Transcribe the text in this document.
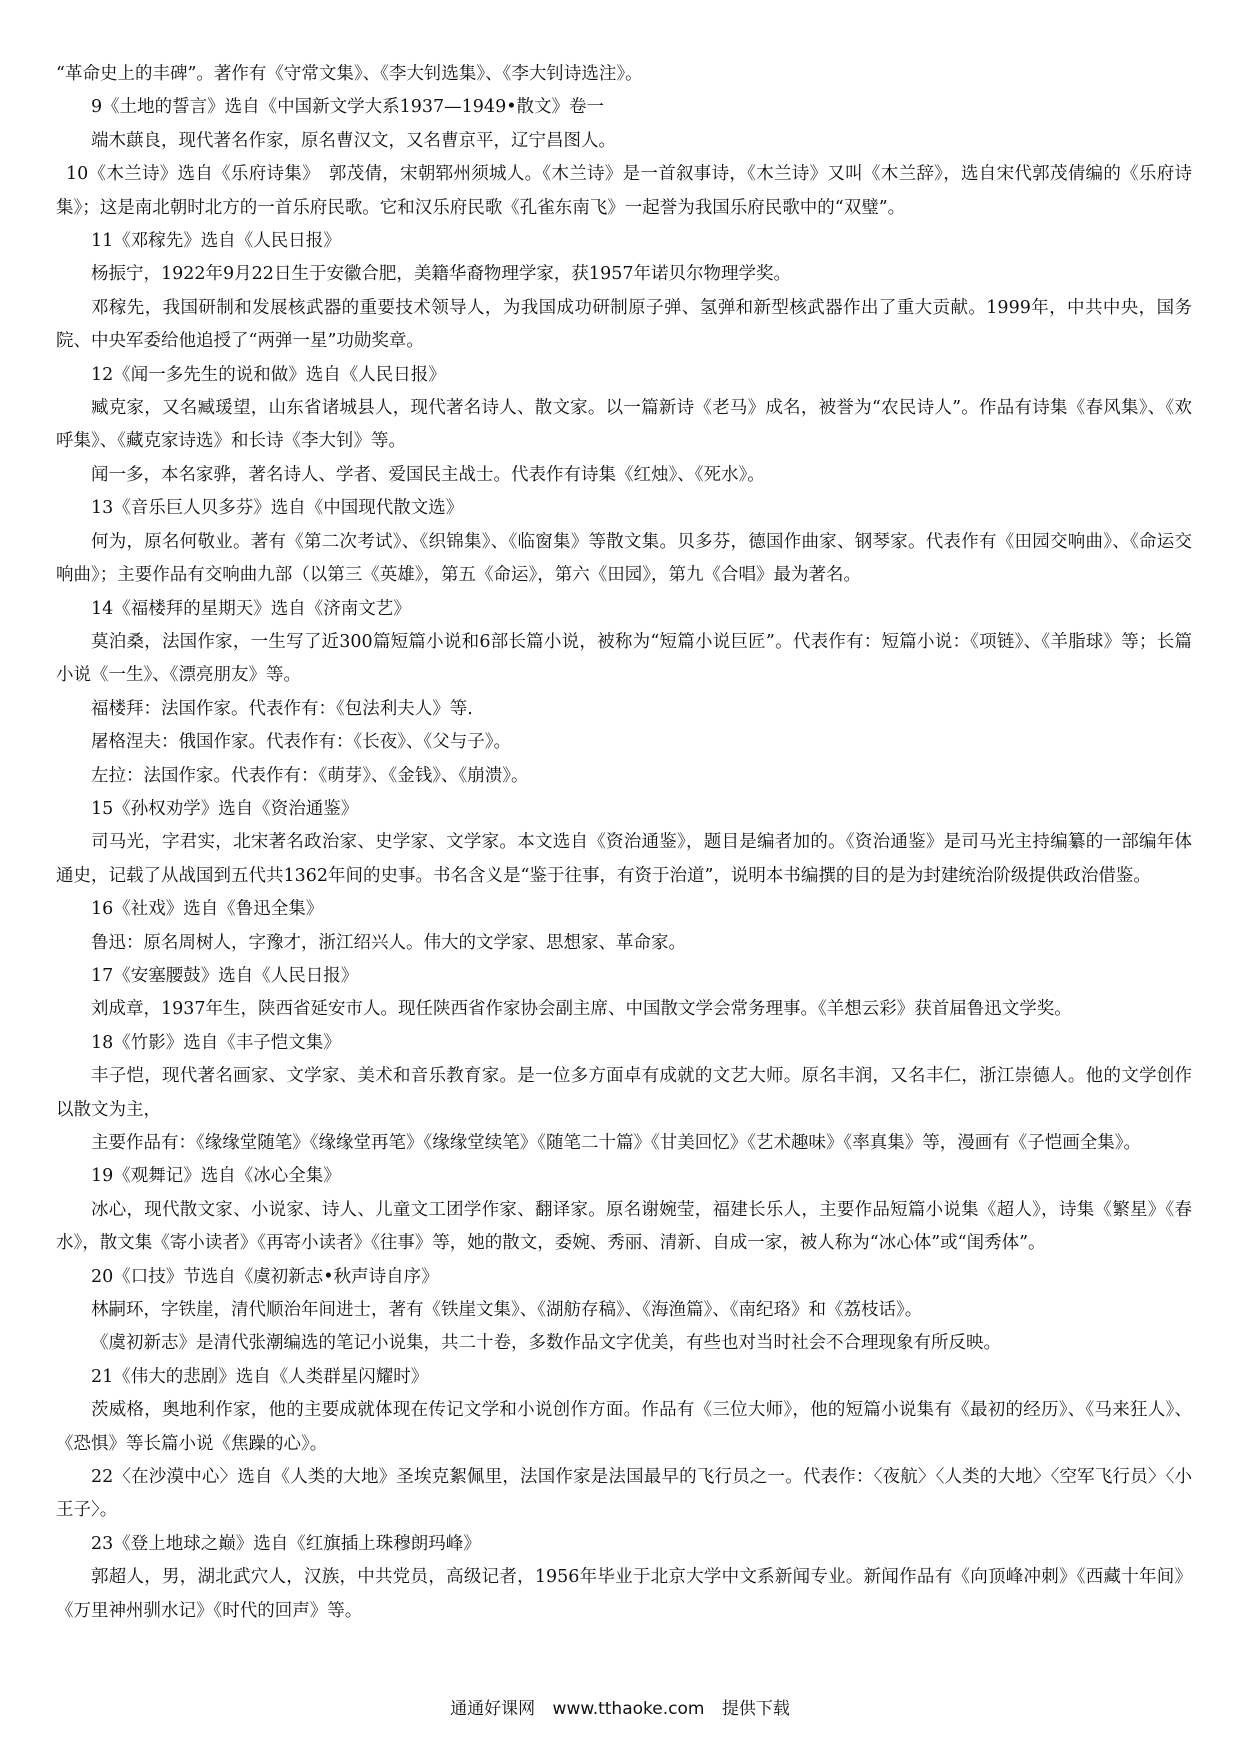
“革命史上的丰碑”。著作有《守常文集》、《李大钊选集》、《李大钊诗选注》。

9《土地的誓言》选自《中国新文学大系1937—1949•散文》卷一

端木蕻良，现代著名作家，原名曹汉文，又名曹京平，辽宁昌图人。

10《木兰诗》选自《乐府诗集》　郭茂倩，宋朝郓州须城人。《木兰诗》是一首叙事诗，《木兰诗》又叫《木兰辞》，选自宋代郭茂倩编的《乐府诗集》；这是南北朝时北方的一首乐府民歌。它和汉乐府民歌《孔雀东南飞》一起誉为我国乐府民歌中的“双璧”。

11《邓稼先》选自《人民日报》

杨振宁，1922年9月22日生于安徽合肥，美籍华裔物理学家，获1957年诺贝尔物理学奖。

邓稼先，我国研制和发展核武器的重要技术领导人，为我国成功研制原子弹、氢弹和新型核武器作出了重大贡献。1999年，中共中央，国务院、中央军委给他追授了“两弹一星”功勋奖章。

12《闻一多先生的说和做》选自《人民日报》

臧克家，又名臧瑗望，山东省诸城县人，现代著名诗人、散文家。以一篇新诗《老马》成名，被誉为“农民诗人”。作品有诗集《春风集》、《欢呼集》、《藏克家诗选》和长诗《李大钊》等。

闻一多，本名家骅，著名诗人、学者、爱国民主战士。代表作有诗集《红烛》、《死水》。

13《音乐巨人贝多芬》选自《中国现代散文选》

何为，原名何敬业。著有《第二次考试》、《织锦集》、《临窗集》等散文集。贝多芬，德国作曲家、钢琴家。代表作有《田园交响曲》、《命运交响曲》；主要作品有交响曲九部（以第三《英雄》，第五《命运》，第六《田园》，第九《合唱》最为著名。

14《福楼拜的星期天》选自《济南文艺》

莫泊桑，法国作家，一生写了近300篇短篇小说和6部长篇小说，被称为“短篇小说巨匠”。代表作有：短篇小说：《项链》、《羊脂球》等；长篇小说《一生》、《漂亮朋友》等。

福楼拜：法国作家。代表作有：《包法利夫人》等.

屠格涅夫：俄国作家。代表作有：《长夜》、《父与子》。

左拉：法国作家。代表作有：《萌芽》、《金钱》、《崩溃》。

15《孙权劝学》选自《资治通鉴》

司马光，字君实，北宋著名政治家、史学家、文学家。本文选自《资治通鉴》，题目是编者加的。《资治通鉴》是司马光主持编纂的一部编年体通史，记载了从战国到五代共1362年间的史事。书名含义是“鉴于往事，有资于治道”，说明本书编撰的目的是为封建统治阶级提供政治借鉴。

16《社戏》选自《鲁迅全集》

鲁迅：原名周树人，字豫才，浙江绍兴人。伟大的文学家、思想家、革命家。

17《安塞腰鼓》选自《人民日报》

刘成章，1937年生，陕西省延安市人。现任陕西省作家协会副主席、中国散文学会常务理事。《羊想云彩》获首届鲁迅文学奖。

18《竹影》选自《丰子恺文集》

丰子恺，现代著名画家、文学家、美术和音乐教育家。是一位多方面卓有成就的文艺大师。原名丰润，又名丰仁，浙江崇德人。他的文学创作以散文为主，

主要作品有：《缘缘堂随笔》《缘缘堂再笔》《缘缘堂续笔》《随笔二十篇》《甘美回忆》《艺术趣味》《率真集》等，漫画有《子恺画全集》。

19《观舞记》选自《冰心全集》

冰心，现代散文家、小说家、诗人、儿童文工团学作家、翻译家。原名谢婉莹，福建长乐人，主要作品短篇小说集《超人》，诗集《繁星》《春水》，散文集《寄小读者》《再寄小读者》《往事》等，她的散文，委婉、秀丽、清新、自成一家，被人称为“冰心体”或“闺秀体”。

20《口技》节选自《虞初新志•秋声诗自序》

林嗣环，字铁崖，清代顺治年间进士，著有《铁崖文集》、《湖舫存稿》、《海渔篇》、《南纪珞》和《荔枝话》。

《虞初新志》是清代张潮编选的笔记小说集，共二十卷，多数作品文字优美，有些也对当时社会不合理现象有所反映。

21《伟大的悲剧》选自《人类群星闪耀时》

茨威格，奥地利作家，他的主要成就体现在传记文学和小说创作方面。作品有《三位大师》，他的短篇小说集有《最初的经历》、《马来狂人》、《恐惧》等长篇小说《焦躁的心》。

22〈在沙漠中心〉选自《人类的大地》圣埃克絮佩里，法国作家是法国最早的飞行员之一。代表作：〈夜航〉〈人类的大地〉〈空军飞行员〉〈小王子〉。

23《登上地球之巅》选自《红旗插上珠穆朗玛峰》

郭超人，男，湖北武穴人，汉族，中共党员，高级记者，1956年毕业于北京大学中文系新闻专业。新闻作品有《向顶峰冲刺》《西藏十年间》《万里神州驯水记》《时代的回声》等。

通通好课网 www.tthaoke.com 提供下载
